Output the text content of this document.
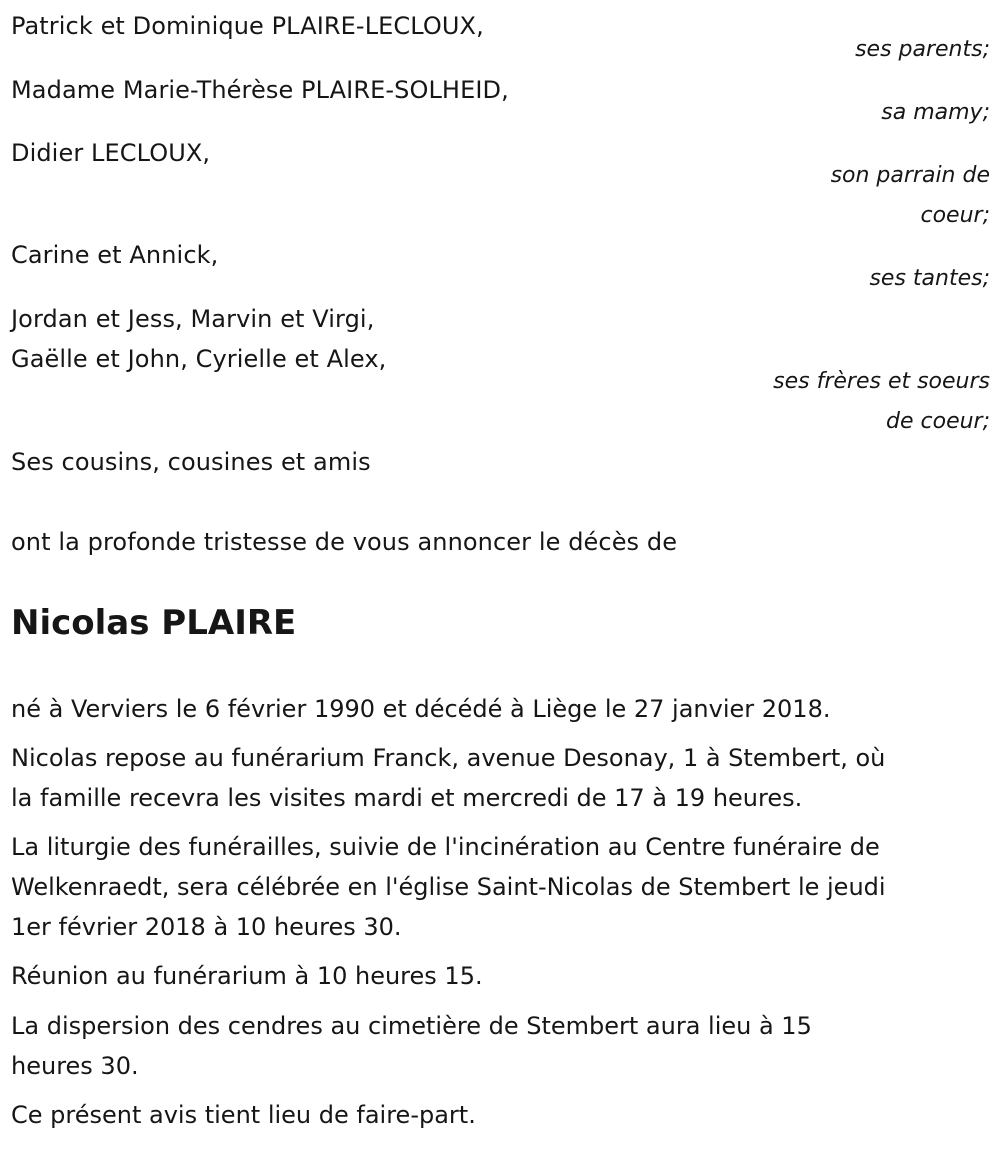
Patrick et Dominique PLAIRE-LECLOUX,
ses parents;
Madame Marie-Thérèse PLAIRE-SOLHEID,
sa mamy;
Didier LECLOUX,
son parrain de
coeur;
Carine et Annick,
ses tantes;
Jordan et Jess, Marvin et Virgi,
Gaëlle et John, Cyrielle et Alex,
ses frères et soeurs
de coeur;
Ses cousins, cousines et amis
ont la profonde tristesse de vous annoncer le décès de
Nicolas PLAIRE
né à Verviers le 6 février 1990 et décédé à Liège le 27 janvier 2018.
Nicolas repose au funérarium Franck, avenue Desonay, 1 à Stembert, où
la famille recevra les visites mardi et mercredi de 17 à 19 heures.
La liturgie des funérailles, suivie de l'incinération au Centre funéraire de
Welkenraedt, sera célébrée en l'église Saint-Nicolas de Stembert le jeudi
1er février 2018 à 10 heures 30.
Réunion au funérarium à 10 heures 15.
La dispersion des cendres au cimetière de Stembert aura lieu à 15
heures 30.
Ce présent avis tient lieu de faire-part.
